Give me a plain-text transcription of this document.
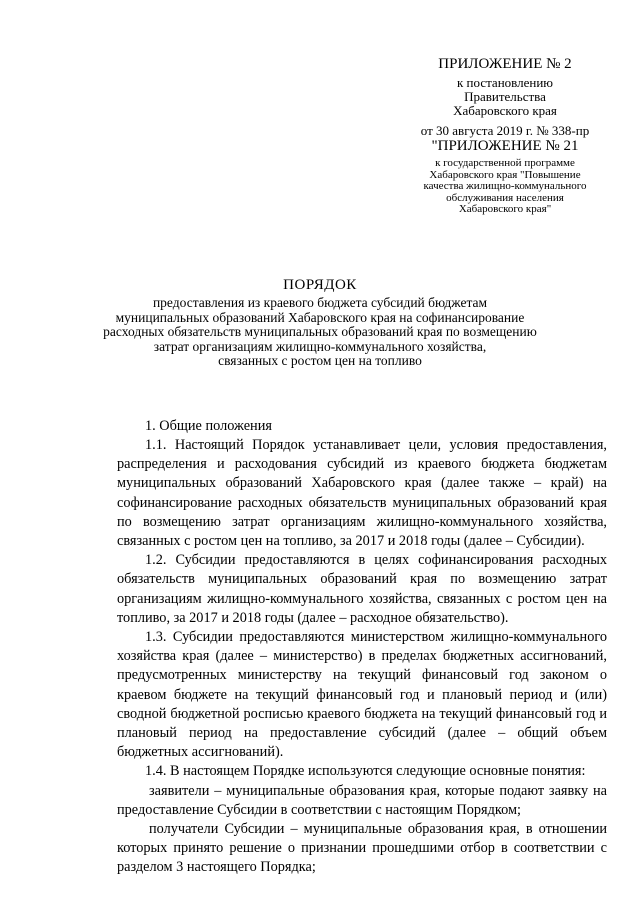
ПРИЛОЖЕНИЕ № 2
к постановлению
Правительства
Хабаровского края
от 30 августа 2019 г. № 338-пр
"ПРИЛОЖЕНИЕ № 21
к государственной программе
Хабаровского края "Повышение
качества жилищно-коммунального
обслуживания населения
Хабаровского края"
ПОРЯДОК
предоставления из краевого бюджета субсидий бюджетам
муниципальных образований Хабаровского края на софинансирование
расходных обязательств муниципальных образований края по возмещению
затрат организациям жилищно-коммунального хозяйства,
связанных с ростом цен на топливо
1. Общие положения

1.1. Настоящий Порядок устанавливает цели, условия предоставления, распределения и расходования субсидий из краевого бюджета бюджетам муниципальных образований Хабаровского края (далее также – край) на софинансирование расходных обязательств муниципальных образований края по возмещению затрат организациям жилищно-коммунального хозяйства, связанных с ростом цен на топливо, за 2017 и 2018 годы (далее – Субсидии).

1.2. Субсидии предоставляются в целях софинансирования расходных обязательств муниципальных образований края по возмещению затрат организациям жилищно-коммунального хозяйства, связанных с ростом цен на топливо, за 2017 и 2018 годы (далее – расходное обязательство).

1.3. Субсидии предоставляются министерством жилищно-коммунального хозяйства края (далее – министерство) в пределах бюджетных ассигнований, предусмотренных министерству на текущий финансовый год законом о краевом бюджете на текущий финансовый год и плановый период и (или) сводной бюджетной росписью краевого бюджета на текущий финансовый год и плановый период на предоставление субсидий (далее – общий объем бюджетных ассигнований).

1.4. В настоящем Порядке используются следующие основные понятия:

заявители – муниципальные образования края, которые подают заявку на предоставление Субсидии в соответствии с настоящим Порядком;

получатели Субсидии – муниципальные образования края, в отношении которых принято решение о признании прошедшими отбор в соответствии с разделом 3 настоящего Порядка;
